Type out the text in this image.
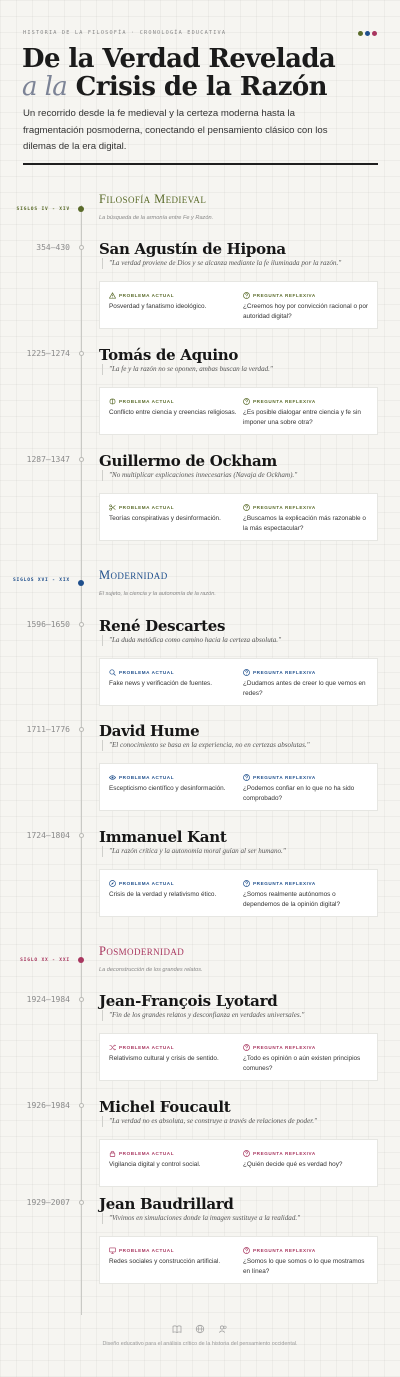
HISTORIA DE LA FILOSOFÍA · CRONOLOGÍA EDUCATIVA
De la Verdad Revelada
a la Crisis de la Razón

Un recorrido desde la fe medieval y la certeza moderna hasta la fragmentación posmoderna, conectando el pensamiento clásico con los dilemas de la era digital.

SIGLOS IV - XIV
Filosofía Medieval
La búsqueda de la armonía entre Fe y Razón.
SIGLOS XVI - XIX Modernidad
El sujeto, la ciencia y la autonomía de la razón.
SIGLO XX - XXI
Posmodernidad
La deconstrucción de los grandes relatos.
354–430 San Agustín de Hipona
"La verdad proviene de Dios y se alcanza mediante la fe iluminada por la razón."
PROBLEMA ACTUAL
Posverdad y fanatismo ideológico.
PREGUNTA REFLEXIVA
¿Creemos hoy por convicción racional o por autoridad digital?
1225–1274 Tomás de Aquino
"La fe y la razón no se oponen, ambas buscan la verdad."
PROBLEMA ACTUAL
Conflicto entre ciencia y creencias religiosas.
PREGUNTA REFLEXIVA
¿Es posible dialogar entre ciencia y fe sin imponer una sobre otra?
1287–1347 Guillermo de Ockham
"No multiplicar explicaciones innecesarias (Navaja de Ockham)."
PROBLEMA ACTUAL
Teorías conspirativas y desinformación.
PREGUNTA REFLEXIVA
¿Buscamos la explicación más razonable o la más espectacular?
1596–1650 René Descartes
"La duda metódica como camino hacia la certeza absoluta."
PROBLEMA ACTUAL
Fake news y verificación de fuentes.
PREGUNTA REFLEXIVA
¿Dudamos antes de creer lo que vemos en redes?
1711–1776 David Hume
"El conocimiento se basa en la experiencia, no en certezas absolutas."
PROBLEMA ACTUAL
Escepticismo científico y desinformación.
PREGUNTA REFLEXIVA
¿Podemos confiar en lo que no ha sido comprobado?
1724–1804 Immanuel Kant
"La razón crítica y la autonomía moral guían al ser humano."
PROBLEMA ACTUAL
Crisis de la verdad y relativismo ético.
PREGUNTA REFLEXIVA
¿Somos realmente autónomos o dependemos de la opinión digital?
1924–1984 Jean-François Lyotard
"Fin de los grandes relatos y desconfianza en verdades universales."
PROBLEMA ACTUAL
Relativismo cultural y crisis de sentido.
PREGUNTA REFLEXIVA
¿Todo es opinión o aún existen principios comunes?
1926–1984 Michel Foucault
"La verdad no es absoluta, se construye a través de relaciones de poder."
PROBLEMA ACTUAL
Vigilancia digital y control social.
PREGUNTA REFLEXIVA
¿Quién decide qué es verdad hoy?
1929–2007 Jean Baudrillard
"Vivimos en simulaciones donde la imagen sustituye a la realidad."
PROBLEMA ACTUAL
Redes sociales y construcción artificial.
PREGUNTA REFLEXIVA
¿Somos lo que somos o lo que mostramos en línea?
Diseño educativo para el análisis crítico de la historia del pensamiento occidental.
